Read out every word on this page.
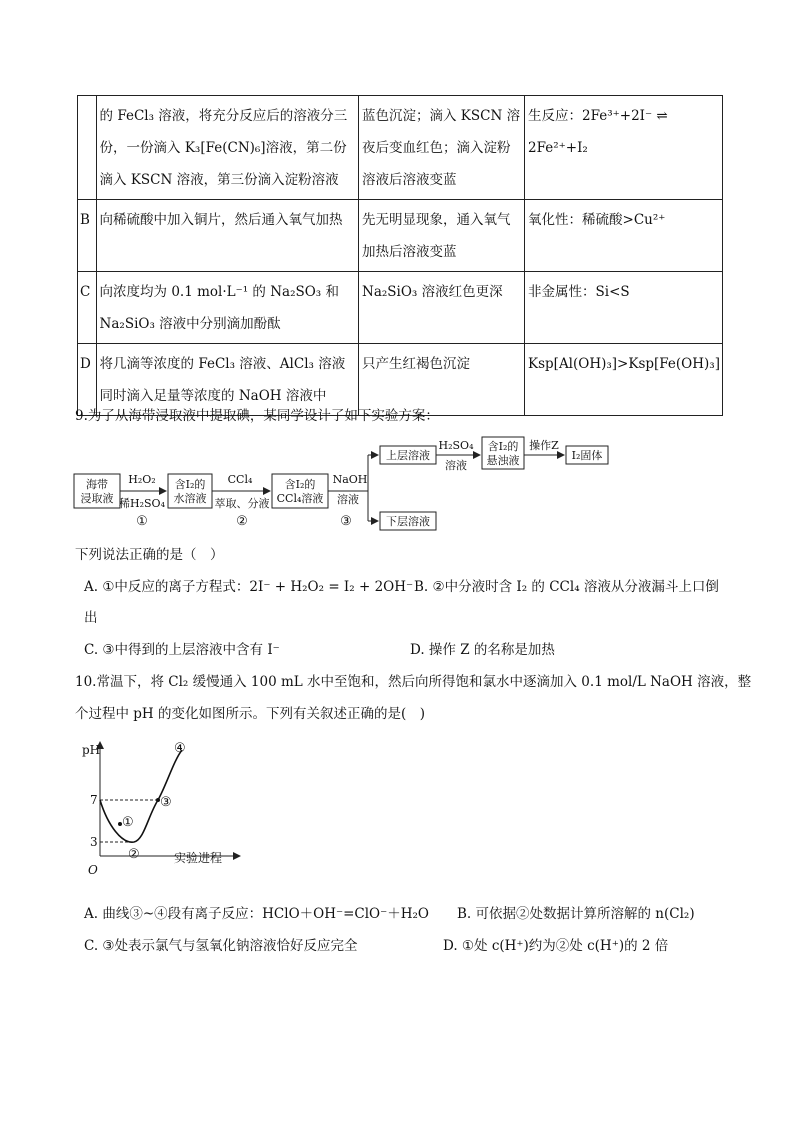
	的 FeCl₃ 溶液，将充分反应后的溶液分三份，一份滴入 K₃[Fe(CN)₆]溶液，第二份滴入 KSCN 溶液，第三份滴入淀粉溶液	蓝色沉淀；滴入 KSCN 溶夜后变血红色；滴入淀粉溶液后溶液变蓝	生反应：2Fe³⁺+2I⁻ ⇌ 2Fe²⁺+I₂
B	向稀硫酸中加入铜片，然后通入氧气加热	先无明显现象，通入氧气加热后溶液变蓝	氧化性：稀硫酸>Cu²⁺
C	向浓度均为 0.1 mol·L⁻¹ 的 Na₂SO₃ 和 Na₂SiO₃ 溶液中分别滴加酚酞	Na₂SiO₃ 溶液红色更深	非金属性：Si<S
D	将几滴等浓度的 FeCl₃ 溶液、AlCl₃ 溶液同时滴入足量等浓度的 NaOH 溶液中	只产生红褐色沉淀	Ksp[Al(OH)₃]>Ksp[Fe(OH)₃]
9.为了从海带浸取液中提取碘，某同学设计了如下实验方案：
海带
浸取液
H₂O₂
稀H₂SO₄
①
含I₂的
水溶液
CCl₄
萃取、分液
②
含I₂的
CCl₄溶液
NaOH
溶液
③
上层溶液
下层溶液
H₂SO₄
溶液
含I₂的
悬浊液
操作Z
I₂固体
下列说法正确的是（　）
A. ①中反应的离子方程式：2I⁻ + H₂O₂ = I₂ + 2OH⁻ B. ②中分液时含 I₂ 的 CCl₄ 溶液从分液漏斗上口倒
出
C. ③中得到的上层溶液中含有 I⁻	D. 操作 Z 的名称是加热
10.常温下，将 Cl₂ 缓慢通入 100 mL 水中至饱和，然后向所得饱和氯水中逐滴加入 0.1 mol/L NaOH 溶液，整
个过程中 pH 的变化如图所示。下列有关叙述正确的是(　)
pH
O
实验进程
7
3
①
②
③
④
A. 曲线③~④段有离子反应：HClO＋OH⁻=ClO⁻＋H₂O B. 可依据②处数据计算所溶解的 n(Cl₂)
C. ③处表示氯气与氢氧化钠溶液恰好反应完全	D. ①处 c(H⁺)约为②处 c(H⁺)的 2 倍
